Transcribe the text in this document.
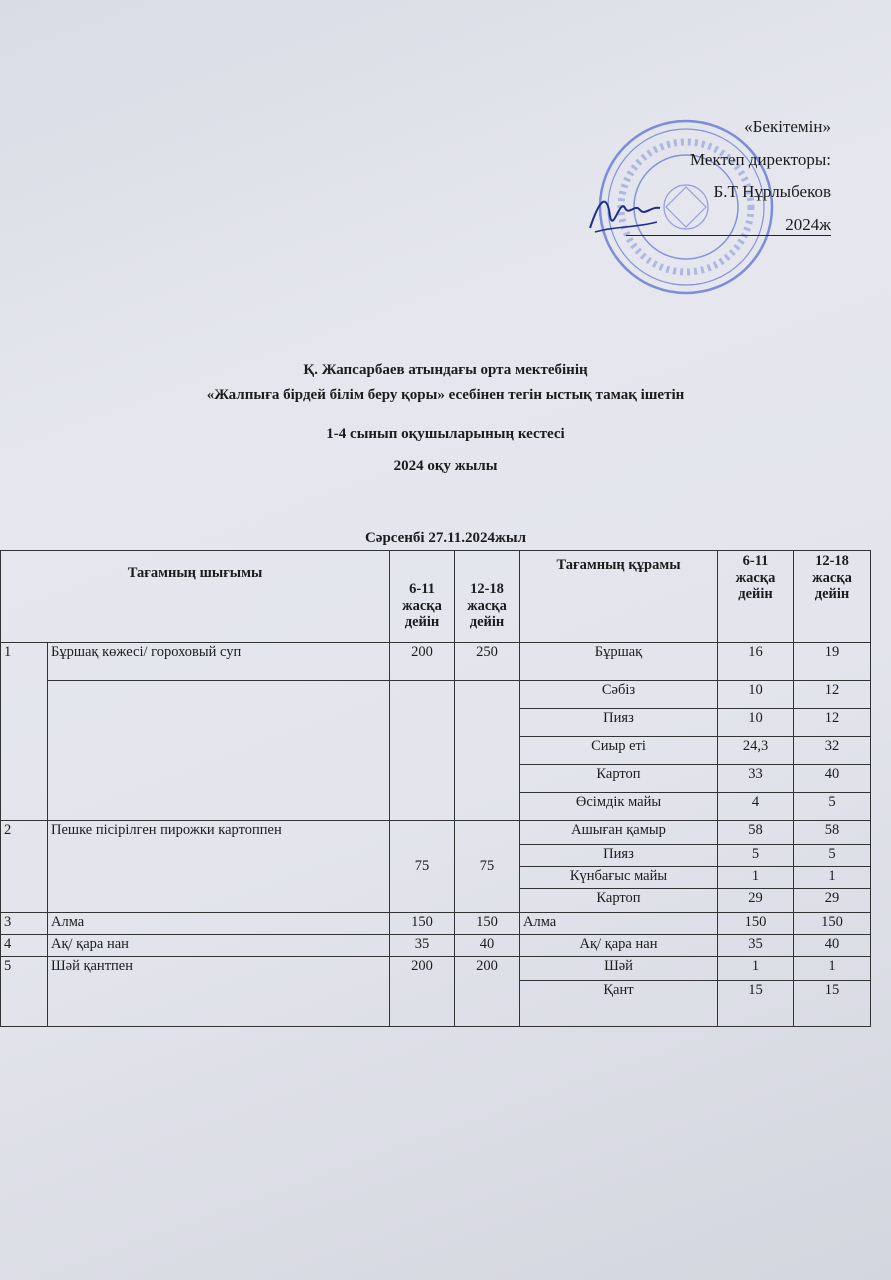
«Бекітемін»
Мектеп директоры:
Б.Т Нұрлыбеков
2024ж
Қ. Жапсарбаев атындағы орта мектебінің
«Жалпыға бірдей білім беру қоры» есебінен тегін ыстық тамақ ішетін
1-4 сынып оқушыларының кестесі
2024 оқу жылы
Сәрсенбі 27.11.2024жыл
Тағамның шығымы		6-11 жасқа дейін	12-18 жасқа дейін	Тағамның құрамы	6-11 жасқа дейін	12-18 жасқа дейін
1	Бұршақ көжесі/ гороховый суп	200	250	Бұршақ	16	19
				Сәбіз	10	12
				Пияз	10	12
				Сиыр еті	24,3	32
				Картоп	33	40
				Өсімдік майы	4	5
2	Пешке пісірілген пирожки картоппен	75	75	Ашыған қамыр	58	58
				Пияз	5	5
				Күнбағыс майы	1	1
				Картоп	29	29
3	Алма	150	150	Алма	150	150
4	Ақ/ қара нан	35	40	Ақ/ қара нан	35	40
5	Шәй қантпен	200	200	Шәй	1	1
				Қант	15	15
